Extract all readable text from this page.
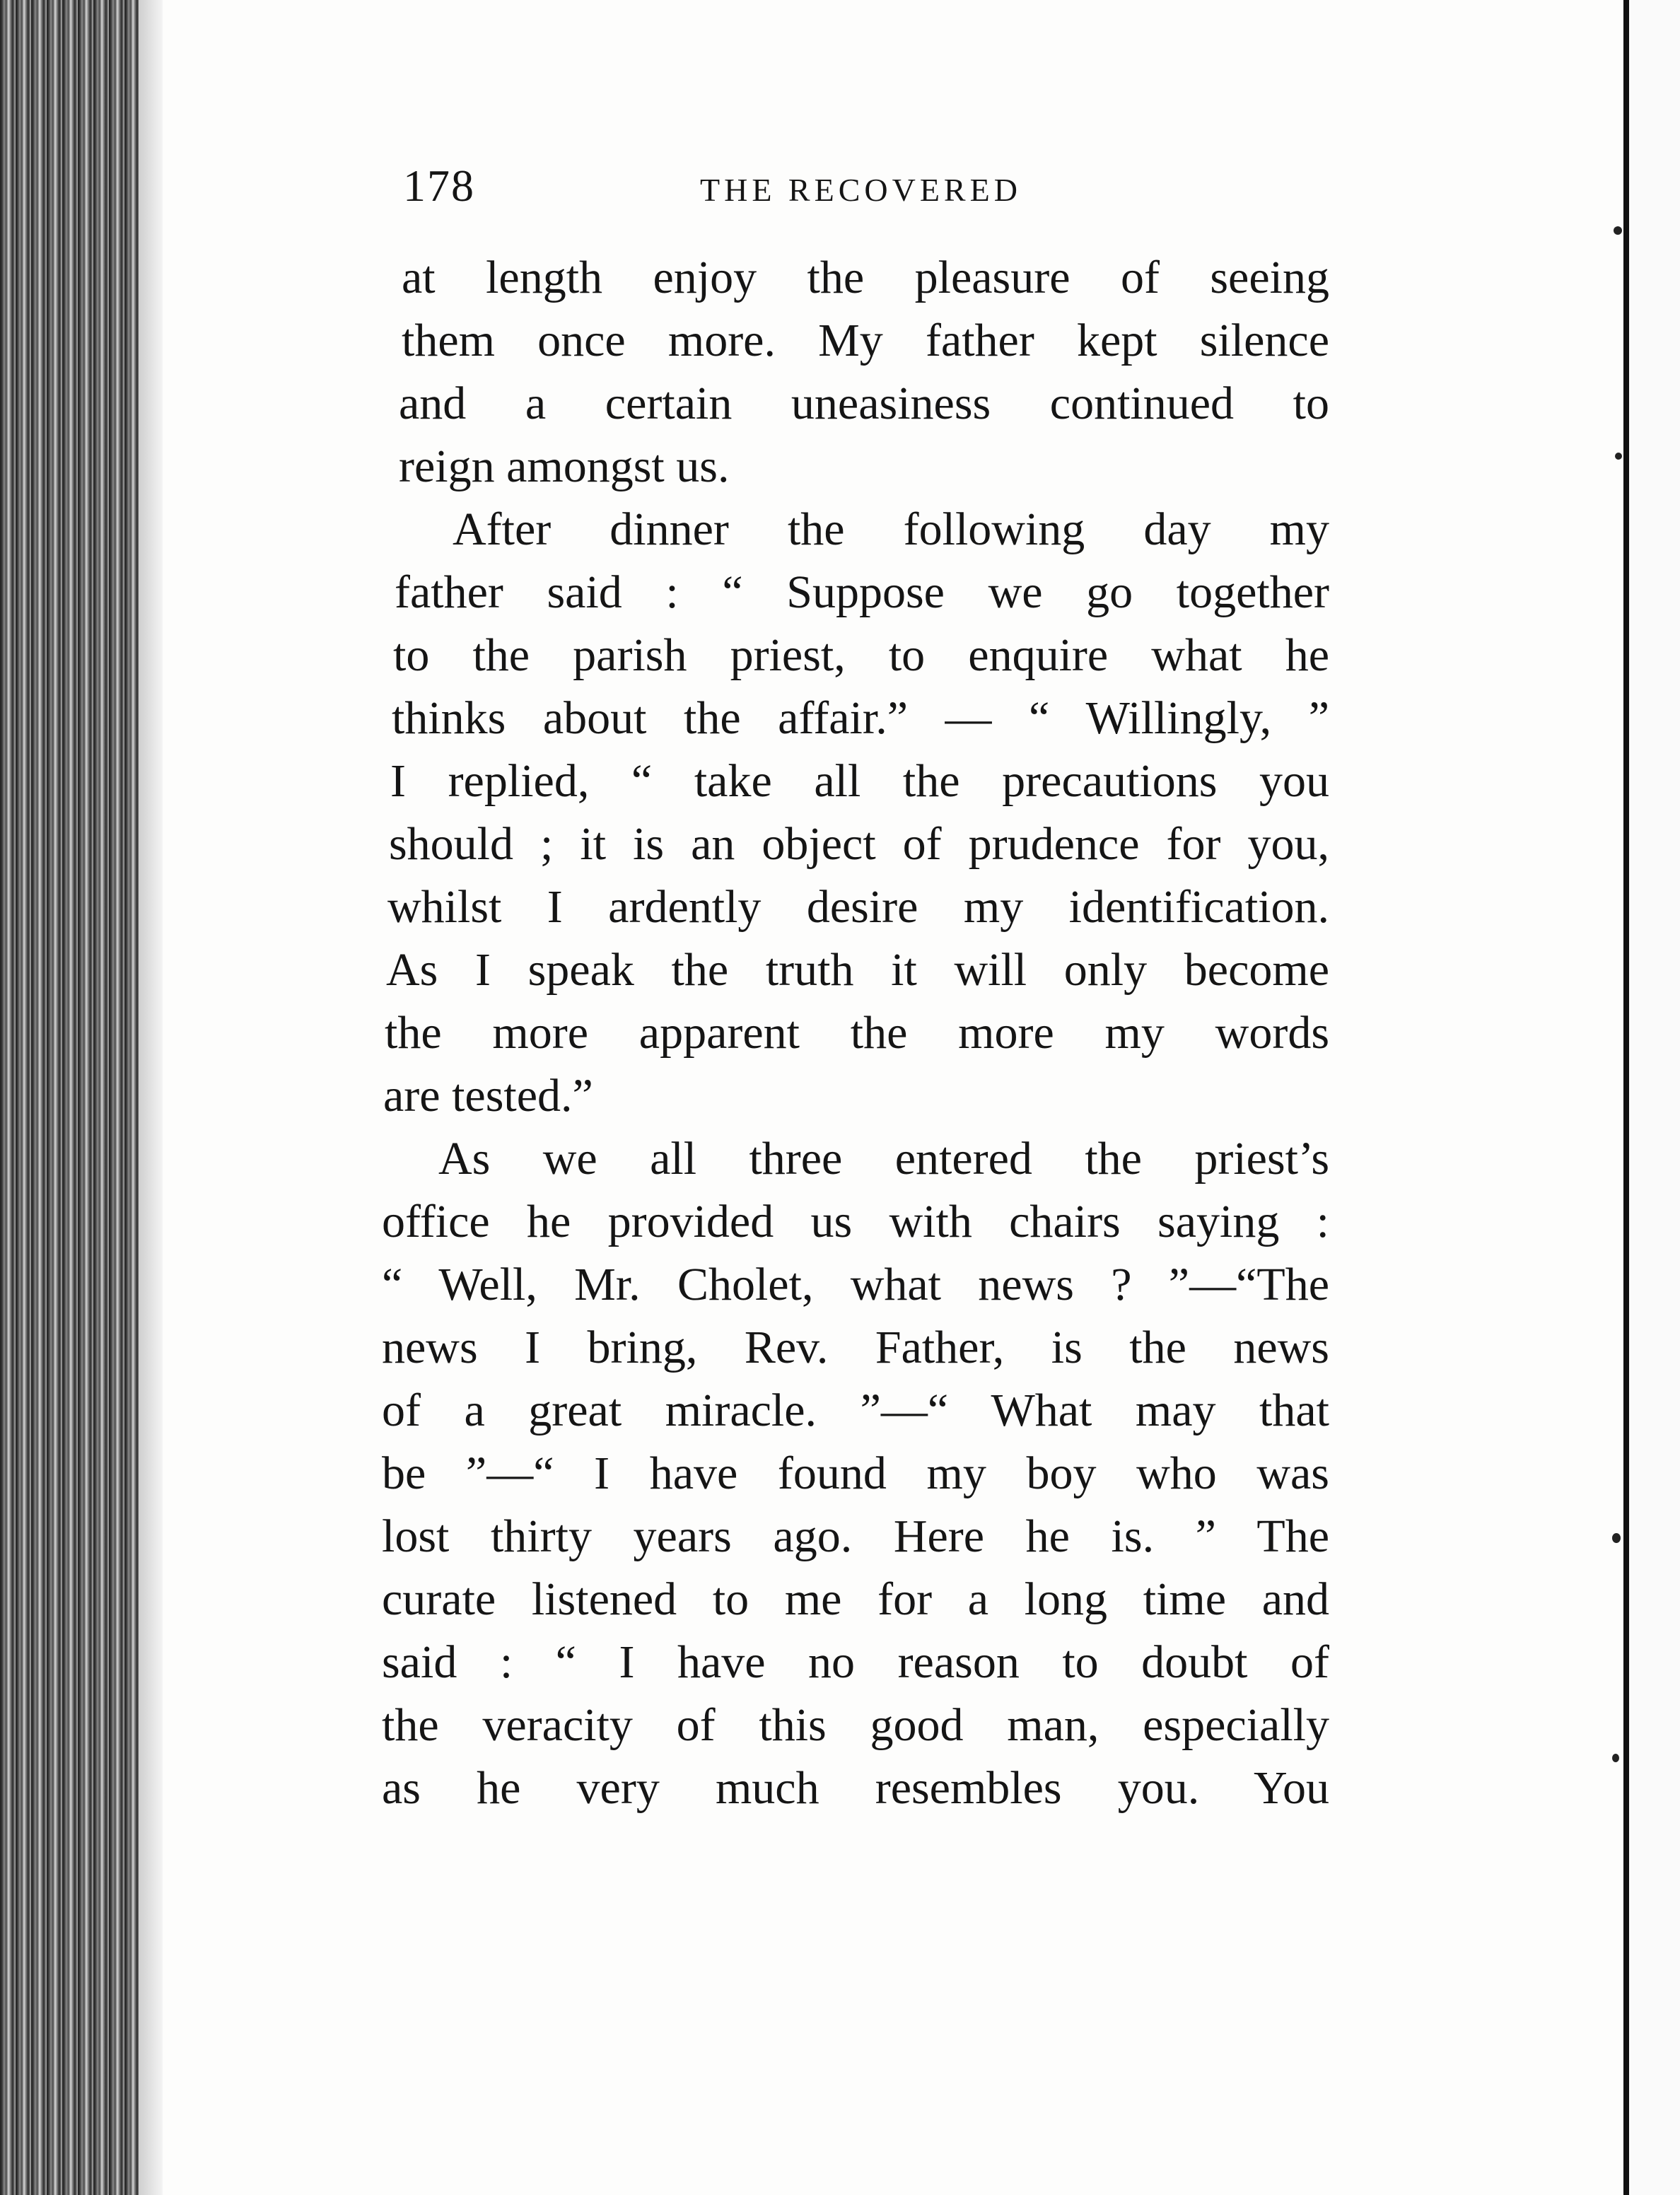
178	THE RECOVERED
at length enjoy the pleasure of seeing
them once more. My father kept silence
and a certain uneasiness continued to
reign amongst us.
After dinner the following day my
father said : “ Suppose we go together
to the parish priest, to enquire what he
thinks about the affair.” — “ Willingly, ”
I replied, “ take all the precautions you
should ; it is an object of prudence for you,
whilst I ardently desire my identification.
As I speak the truth it will only become
the more apparent the more my words
are tested.”
As we all three entered the priest’s
office he provided us with chairs saying :
“ Well, Mr. Cholet, what news ? ”—“The
news I bring, Rev. Father, is the news
of a great miracle. ”—“ What may that
be ”—“ I have found my boy who was
lost thirty years ago. Here he is. ” The
curate listened to me for a long time and
said : “ I have no reason to doubt of
the veracity of this good man, especially
as he very much resembles you. You
